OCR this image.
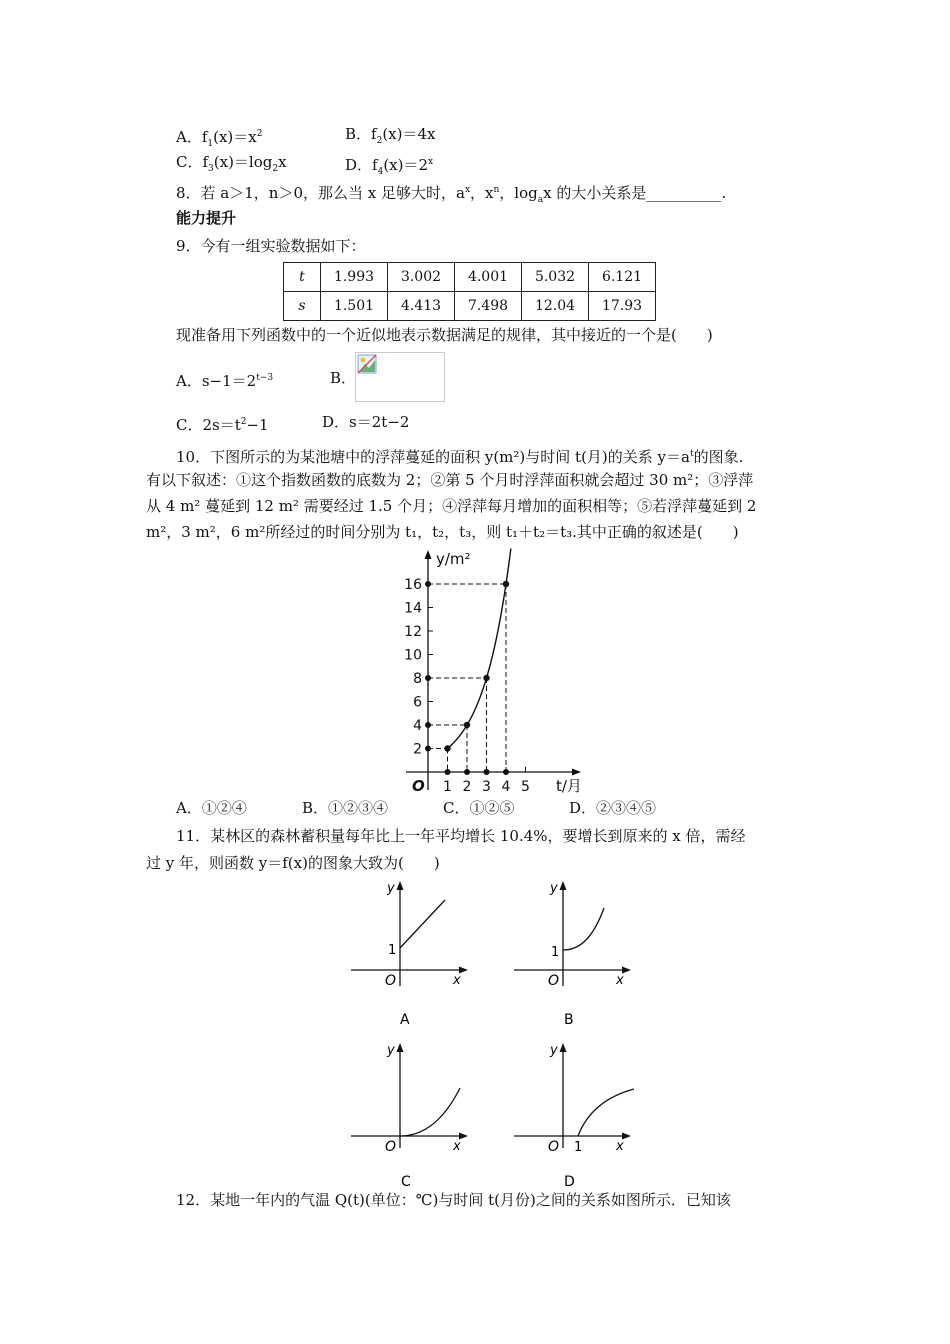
A．$f_1(x)=x^2$	B．$f_2(x)=4x$
C．$f_3(x)=\log_2x$	D．$f_4(x)=2^x$
8．若 a＞1，n＞0，那么当 x 足够大时，$a^x$，$x^n$，$\log_ax$ 的大小关系是__________.
能力提升
9．今有一组实验数据如下：
t	1.993	3.002	4.001	5.032	6.121
s	1.501	4.413	7.498	12.04	17.93
现准备用下列函数中的一个近似地表示数据满足的规律，其中接近的一个是(　　)
A．$s-1=2^{t-3}$	B．
C．$2s=t^2-1$	D．s＝2t−2
10．下图所示的为某池塘中的浮萍蔓延的面积 y(m²)与时间 t(月)的关系 $y=a^t$的图象.
有以下叙述：①这个指数函数的底数为 2；②第 5 个月时浮萍面积就会超过 30 m²；③浮萍
从 4 m² 蔓延到 12 m² 需要经过 1.5 个月；④浮萍每月增加的面积相等；⑤若浮萍蔓延到 2
m²，3 m²，6 m²所经过的时间分别为 t₁，t₂，t₃，则 t₁＋t₂＝t₃.其中正确的叙述是(　　)
2
4
6
8
10
12
14
16
1 2 3 4 5
O
y/m²
t/月
A．①②④	B．①②③④	C．①②⑤	D．②③④⑤
11．某林区的森林蓄积量每年比上一年平均增长 10.4%，要增长到原来的 x 倍，需经
过 y 年，则函数 y＝f(x)的图象大致为(　　)
y
x
O
1
A
y
x
O
1
B
y
x
O
C
y
x
O 1
D
12．某地一年内的气温 Q(t)(单位：℃)与时间 t(月份)之间的关系如图所示．已知该
